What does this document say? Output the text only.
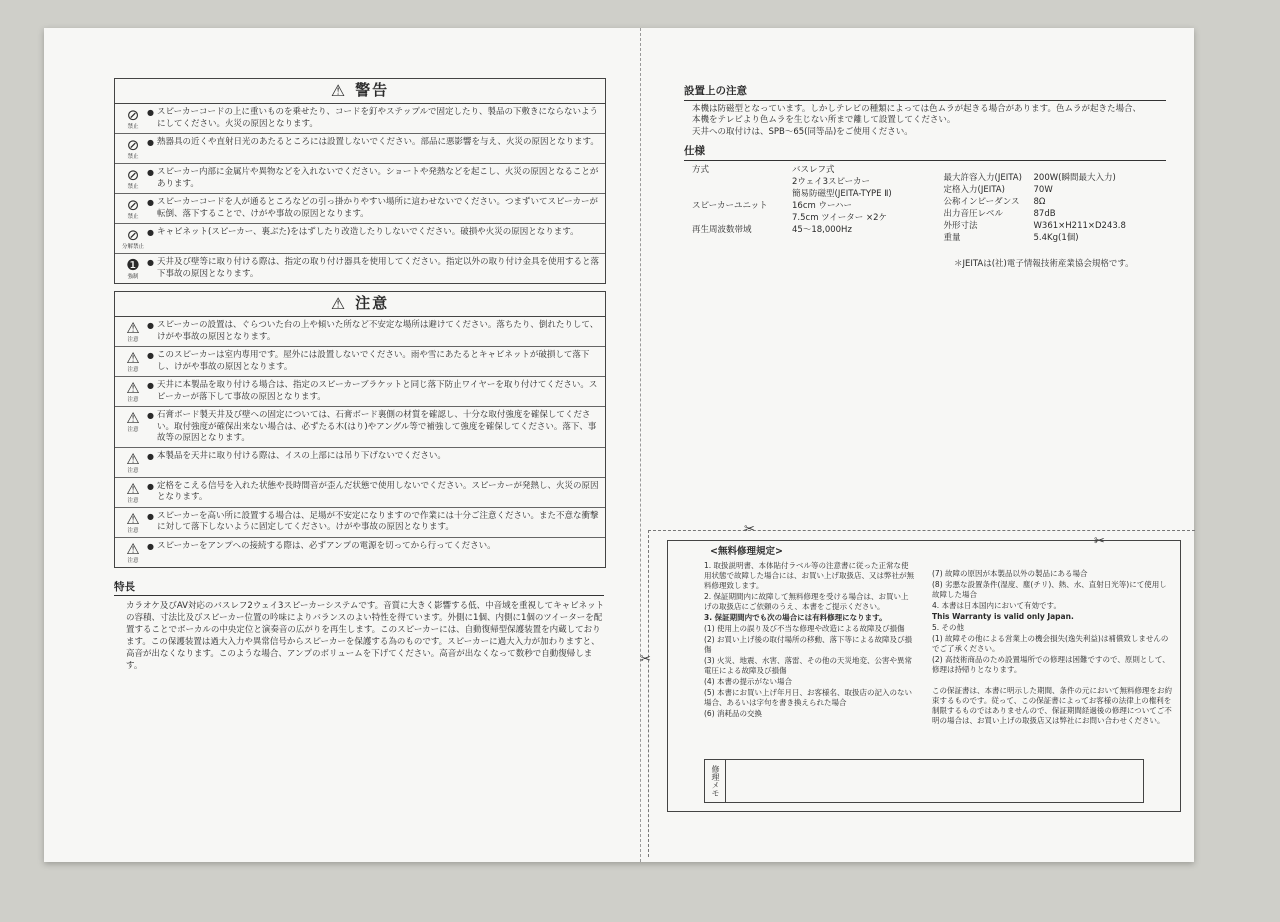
⚠ 警告
⊘
禁止
● スピーカーコードの上に重いものを乗せたり、コードを釘やステップルで固定したり、製品の下敷きにならないようにしてください。火災の原因となります。
⊘
禁止
● 熱器具の近くや直射日光のあたるところには設置しないでください。部品に悪影響を与え、火災の原因となります。
⊘
禁止
● スピーカー内部に金属片や異物などを入れないでください。ショートや発熱などを起こし、火災の原因となることがあります。
⊘
禁止
● スピーカーコードを人が通るところなどの引っ掛かりやすい場所に這わせないでください。つまずいてスピーカーが転倒、落下することで、けがや事故の原因となります。
⊘
分解禁止
● キャビネット(スピーカー、裏ぶた)をはずしたり改造したりしないでください。破損や火災の原因となります。
❶
強制
● 天井及び壁等に取り付ける際は、指定の取り付け器具を使用してください。指定以外の取り付け金具を使用すると落下事故の原因となります。
⚠ 注意
⚠
注意
● スピーカーの設置は、ぐらついた台の上や傾いた所など不安定な場所は避けてください。落ちたり、倒れたりして、けがや事故の原因となります。
⚠
注意
● このスピーカーは室内専用です。屋外には設置しないでください。雨や雪にあたるとキャビネットが破損して落下し、けがや事故の原因となります。
⚠
注意
● 天井に本製品を取り付ける場合は、指定のスピーカーブラケットと同じ落下防止ワイヤーを取り付けてください。スピーカーが落下して事故の原因となります。
⚠
注意
● 石膏ボード製天井及び壁への固定については、石膏ボード裏側の材質を確認し、十分な取付強度を確保してください。取付強度が確保出来ない場合は、必ずたる木(はり)やアングル等で補強して強度を確保してください。落下、事故等の原因となります。
⚠
注意
● 本製品を天井に取り付ける際は、イスの上部には吊り下げないでください。
⚠
注意
● 定格をこえる信号を入れた状態や長時間音が歪んだ状態で使用しないでください。スピーカーが発熱し、火災の原因となります。
⚠
注意
● スピーカーを高い所に設置する場合は、足場が不安定になりますので作業には十分ご注意ください。また不意な衝撃に対して落下しないように固定してください。けがや事故の原因となります。
⚠
注意
● スピーカーをアンプへの接続する際は、必ずアンプの電源を切ってから行ってください。
特長
カラオケ及びAV対応のバスレフ2ウェイ3スピーカーシステムです。音質に大きく影響する低、中音域を重視してキャビネットの容積、寸法比及びスピーカー位置の吟味によりバランスのよい特性を得ています。外側に1個、内側に1個のツイーターを配置することでボーカルの中央定位と演奏音の広がりを再生します。このスピーカーには、自動復帰型保護装置を内蔵しております。この保護装置は過大入力や異常信号からスピーカーを保護する為のものです。スピーカーに過大入力が加わりますと、高音が出なくなります。このような場合、アンプのボリュームを下げてください。高音が出なくなって数秒で自動復帰します。
設置上の注意
本機は防磁型となっています。しかしテレビの種類によっては色ムラが起きる場合があります。色ムラが起きた場合、
本機をテレビより色ムラを生じない所まで離して設置してください。
天井への取付けは、SPB～65(同等品)をご使用ください。
仕様
方式	バスレフ式
2ウェイ3スピーカー
簡易防磁型(JEITA-TYPE Ⅱ)
スピーカーユニット	16cm ウーハー
7.5cm ツイーター ×2ケ
再生周波数帯域	45～18,000Hz
最大許容入力(JEITA)	200W(瞬間最大入力)
定格入力(JEITA)	70W
公称インピーダンス	8Ω
出力音圧レベル	87dB
外形寸法	W361×H211×D243.8
重量	5.4Kg(1個)
＊JEITAは(社)電子情報技術産業協会規格です。
✂
✂
✂
<無料修理規定>
1. 取扱説明書、本体貼付ラベル等の注意書に従った正常な使用状態で故障した場合には、お買い上げ取扱店、又は弊社が無料修理致します。
2. 保証期間内に故障して無料修理を受ける場合は、お買い上げの取扱店にご依頼のうえ、本書をご提示ください。
3. 保証期間内でも次の場合には有料修理になります。
(1) 使用上の誤り及び不当な修理や改造による故障及び損傷
(2) お買い上げ後の取付場所の移動、落下等による故障及び損傷
(3) 火災、地震、水害、落雷、その他の天災地変、公害や異常電圧による故障及び損傷
(4) 本書の提示がない場合
(5) 本書にお買い上げ年月日、お客様名、取扱店の記入のない場合、あるいは字句を書き換えられた場合
(6) 消耗品の交換
(7) 故障の原因が本製品以外の製品にある場合
(8) 劣悪な設置条件(湿度、塵(チリ)、熱、水、直射日光等)にて使用し故障した場合
4. 本書は日本国内において有効です。
This Warranty is valid only Japan.
5. その他
(1) 故障その他による営業上の機会損失(逸失利益)は補償致しませんのでご了承ください。
(2) 高技術商品のため設置場所での修理は困難ですので、原則として、修理は持帰りとなります。
この保証書は、本書に明示した期間、条件の元において無料修理をお約束するものです。従って、この保証書によってお客様の法律上の権利を制限するものではありませんので、保証期間経過後の修理についてご不明の場合は、お買い上げの取扱店又は弊社にお問い合わせください。
修理メモ
